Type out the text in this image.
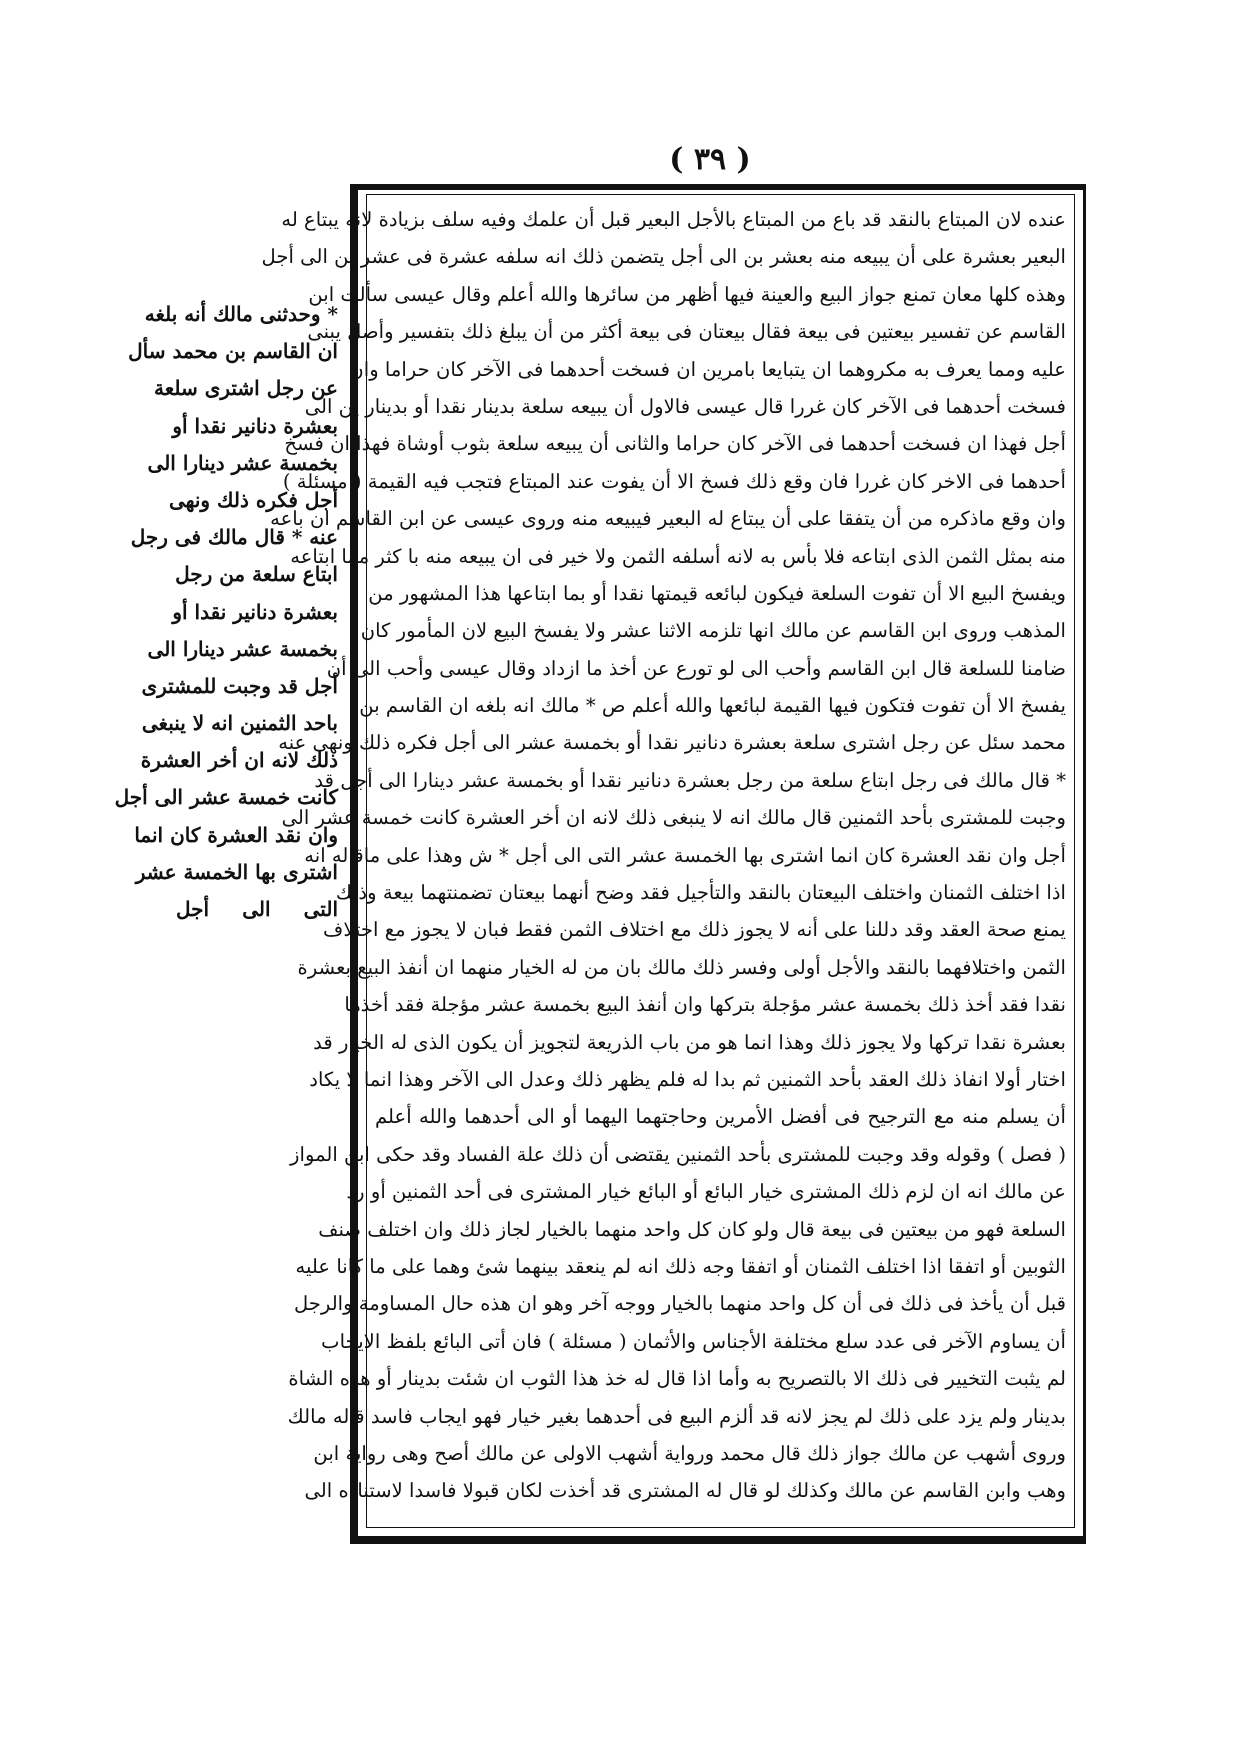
( ٣٩ )
* وحدثنى مالك أنه بلغه
ان القاسم بن محمد سأل
عن رجل اشترى سلعة
بعشرة دنانير نقدا أو
بخمسة عشر دينارا الى
أجل فكره ذلك ونهى
عنه * قال مالك فى رجل
ابتاع سلعة من رجل
بعشرة دنانير نقدا أو
بخمسة عشر دينارا الى
أجل قد وجبت للمشترى
باحد الثمنين انه لا ينبغى
ذلك لانه ان أخر العشرة
كانت خمسة عشر الى أجل
وان نقد العشرة كان انما
اشترى بها الخمسة عشر
التى الى أجل
عنده لان المبتاع بالنقد قد باع من المبتاع بالأجل البعير قبل أن علمك وفيه سلف بزيادة لانه يبتاع له
البعير بعشرة على أن يبيعه منه بعشر بن الى أجل يتضمن ذلك انه سلفه عشرة فى عشر بن الى أجل
وهذه كلها معان تمنع جواز البيع والعينة فيها أظهر من سائرها والله أعلم وقال عيسى سألت ابن
القاسم عن تفسير بيعتين فى بيعة فقال بيعتان فى بيعة أكثر من أن يبلغ ذلك بتفسير وأصل يبنى
عليه ومما يعرف به مكروهما ان يتبايعا بامرين ان فسخت أحدهما فى الآخر كان حراما وان
فسخت أحدهما فى الآخر كان غررا قال عيسى فالاول أن يبيعه سلعة بدينار نقدا أو بدينار ين الى
أجل فهذا ان فسخت أحدهما فى الآخر كان حراما والثانى أن يبيعه سلعة بثوب أوشاة فهذا ان فسخ
أحدهما فى الاخر كان غررا فان وقع ذلك فسخ الا أن يفوت عند المبتاع فتجب فيه القيمة ( مسئلة )
وان وقع ماذكره من أن يتفقا على أن يبتاع له البعير فيبيعه منه وروى عيسى عن ابن القاسم ان باعه
منه بمثل الثمن الذى ابتاعه فلا بأس به لانه أسلفه الثمن ولا خير فى ان يبيعه منه با كثر مما ابتاعه
ويفسخ البيع الا أن تفوت السلعة فيكون لبائعه قيمتها نقدا أو بما ابتاعها هذا المشهور من
المذهب وروى ابن القاسم عن مالك انها تلزمه الاثنا عشر ولا يفسخ البيع لان المأمور كان
ضامنا للسلعة قال ابن القاسم وأحب الى لو تورع عن أخذ ما ازداد وقال عيسى وأحب الى أن
يفسخ الا أن تفوت فتكون فيها القيمة لبائعها والله أعلم ص * مالك انه بلغه ان القاسم بن
محمد سئل عن رجل اشترى سلعة بعشرة دنانير نقدا أو بخمسة عشر الى أجل فكره ذلك ونهى عنه
* قال مالك فى رجل ابتاع سلعة من رجل بعشرة دنانير نقدا أو بخمسة عشر دينارا الى أجل قد
وجبت للمشترى بأحد الثمنين قال مالك انه لا ينبغى ذلك لانه ان أخر العشرة كانت خمسة عشر الى
أجل وان نقد العشرة كان انما اشترى بها الخمسة عشر التى الى أجل * ش وهذا على ماقاله انه
اذا اختلف الثمنان واختلف البيعتان بالنقد والتأجيل فقد وضح أنهما بيعتان تضمنتهما بيعة وذلك
يمنع صحة العقد وقد دللنا على أنه لا يجوز ذلك مع اختلاف الثمن فقط فبان لا يجوز مع اختلاف
الثمن واختلافهما بالنقد والأجل أولى وفسر ذلك مالك بان من له الخيار منهما ان أنفذ البيع بعشرة
نقدا فقد أخذ ذلك بخمسة عشر مؤجلة بتركها وان أنفذ البيع بخمسة عشر مؤجلة فقد أخذها
بعشرة نقدا تركها ولا يجوز ذلك وهذا انما هو من باب الذريعة لتجويز أن يكون الذى له الخيار قد
اختار أولا انفاذ ذلك العقد بأحد الثمنين ثم بدا له فلم يظهر ذلك وعدل الى الآخر وهذا انما لا يكاد
أن يسلم منه مع الترجيح فى أفضل الأمرين وحاجتهما اليهما أو الى أحدهما والله أعلم
( فصل ) وقوله وقد وجبت للمشترى بأحد الثمنين يقتضى أن ذلك علة الفساد وقد حكى ابن المواز
عن مالك انه ان لزم ذلك المشترى خيار البائع أو البائع خيار المشترى فى أحد الثمنين أو رد
السلعة فهو من بيعتين فى بيعة قال ولو كان كل واحد منهما بالخيار لجاز ذلك وان اختلف صنف
الثوبين أو اتفقا اذا اختلف الثمنان أو اتفقا وجه ذلك انه لم ينعقد بينهما شئ وهما على ما كانا عليه
قبل أن يأخذ فى ذلك فى أن كل واحد منهما بالخيار ووجه آخر وهو ان هذه حال المساومة والرجل
أن يساوم الآخر فى عدد سلع مختلفة الأجناس والأثمان ( مسئلة ) فان أتى البائع بلفظ الايجاب
لم يثبت التخيير فى ذلك الا بالتصريح به وأما اذا قال له خذ هذا الثوب ان شئت بدينار أو هذه الشاة
بدينار ولم يزد على ذلك لم يجز لانه قد ألزم البيع فى أحدهما بغير خيار فهو ايجاب فاسد قاله مالك
وروى أشهب عن مالك جواز ذلك قال محمد ورواية أشهب الاولى عن مالك أصح وهى رواية ابن
وهب وابن القاسم عن مالك وكذلك لو قال له المشترى قد أخذت لكان قبولا فاسدا لاستناده الى
